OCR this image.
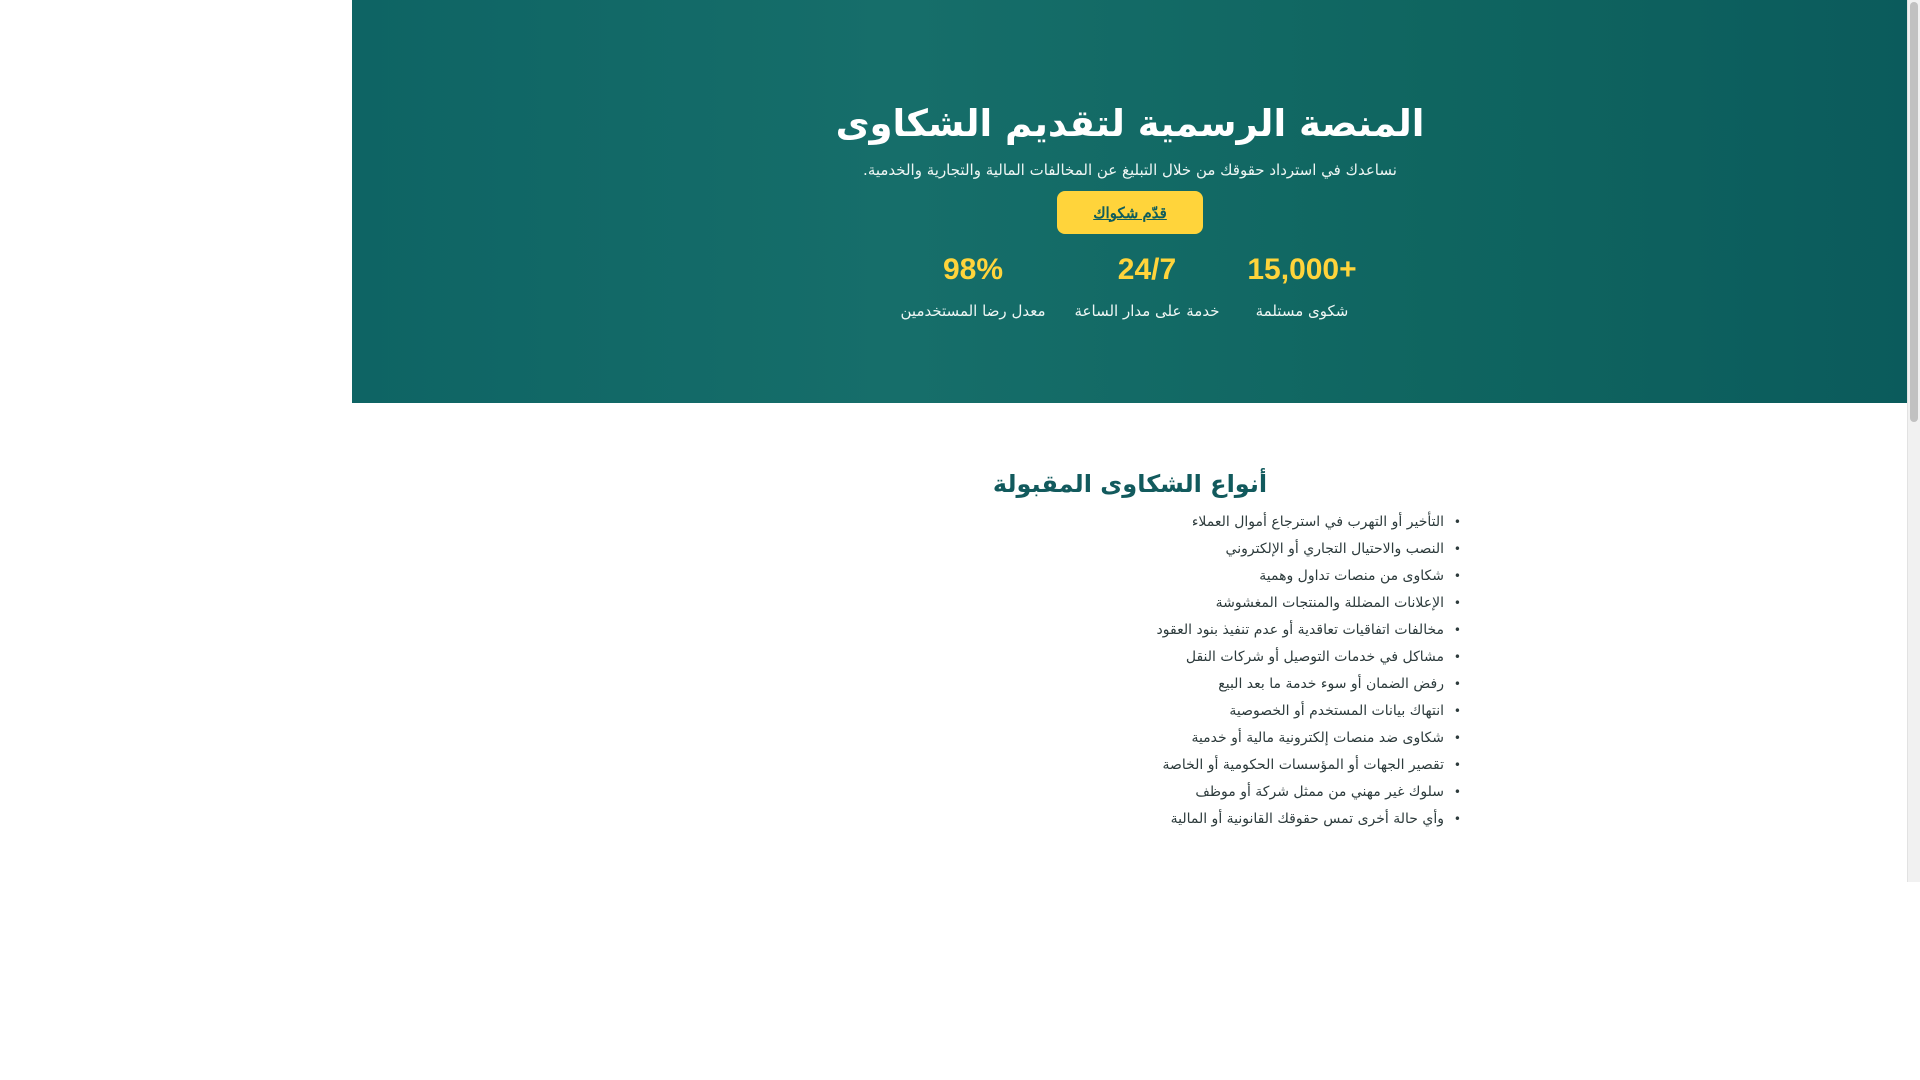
المنصة الرسمية لتقديم الشكاوى

نساعدك في استرداد حقوقك من خلال التبليغ عن المخالفات المالية والتجارية والخدمية.

قدّم شكواك
15,000+
شكوى مستلمة
24/7
خدمة على مدار الساعة
98%
معدل رضا المستخدمين
أنواع الشكاوى المقبولة
•
التأخير أو التهرب في استرجاع أموال العملاء
•
النصب والاحتيال التجاري أو الإلكتروني
•
شكاوى من منصات تداول وهمية
•
الإعلانات المضللة والمنتجات المغشوشة
•
مخالفات اتفاقيات تعاقدية أو عدم تنفيذ بنود العقود
•
مشاكل في خدمات التوصيل أو شركات النقل
•
رفض الضمان أو سوء خدمة ما بعد البيع
•
انتهاك بيانات المستخدم أو الخصوصية
•
شكاوى ضد منصات إلكترونية مالية أو خدمية
•
تقصير الجهات أو المؤسسات الحكومية أو الخاصة
•
سلوك غير مهني من ممثل شركة أو موظف
•
وأي حالة أخرى تمس حقوقك القانونية أو المالية
